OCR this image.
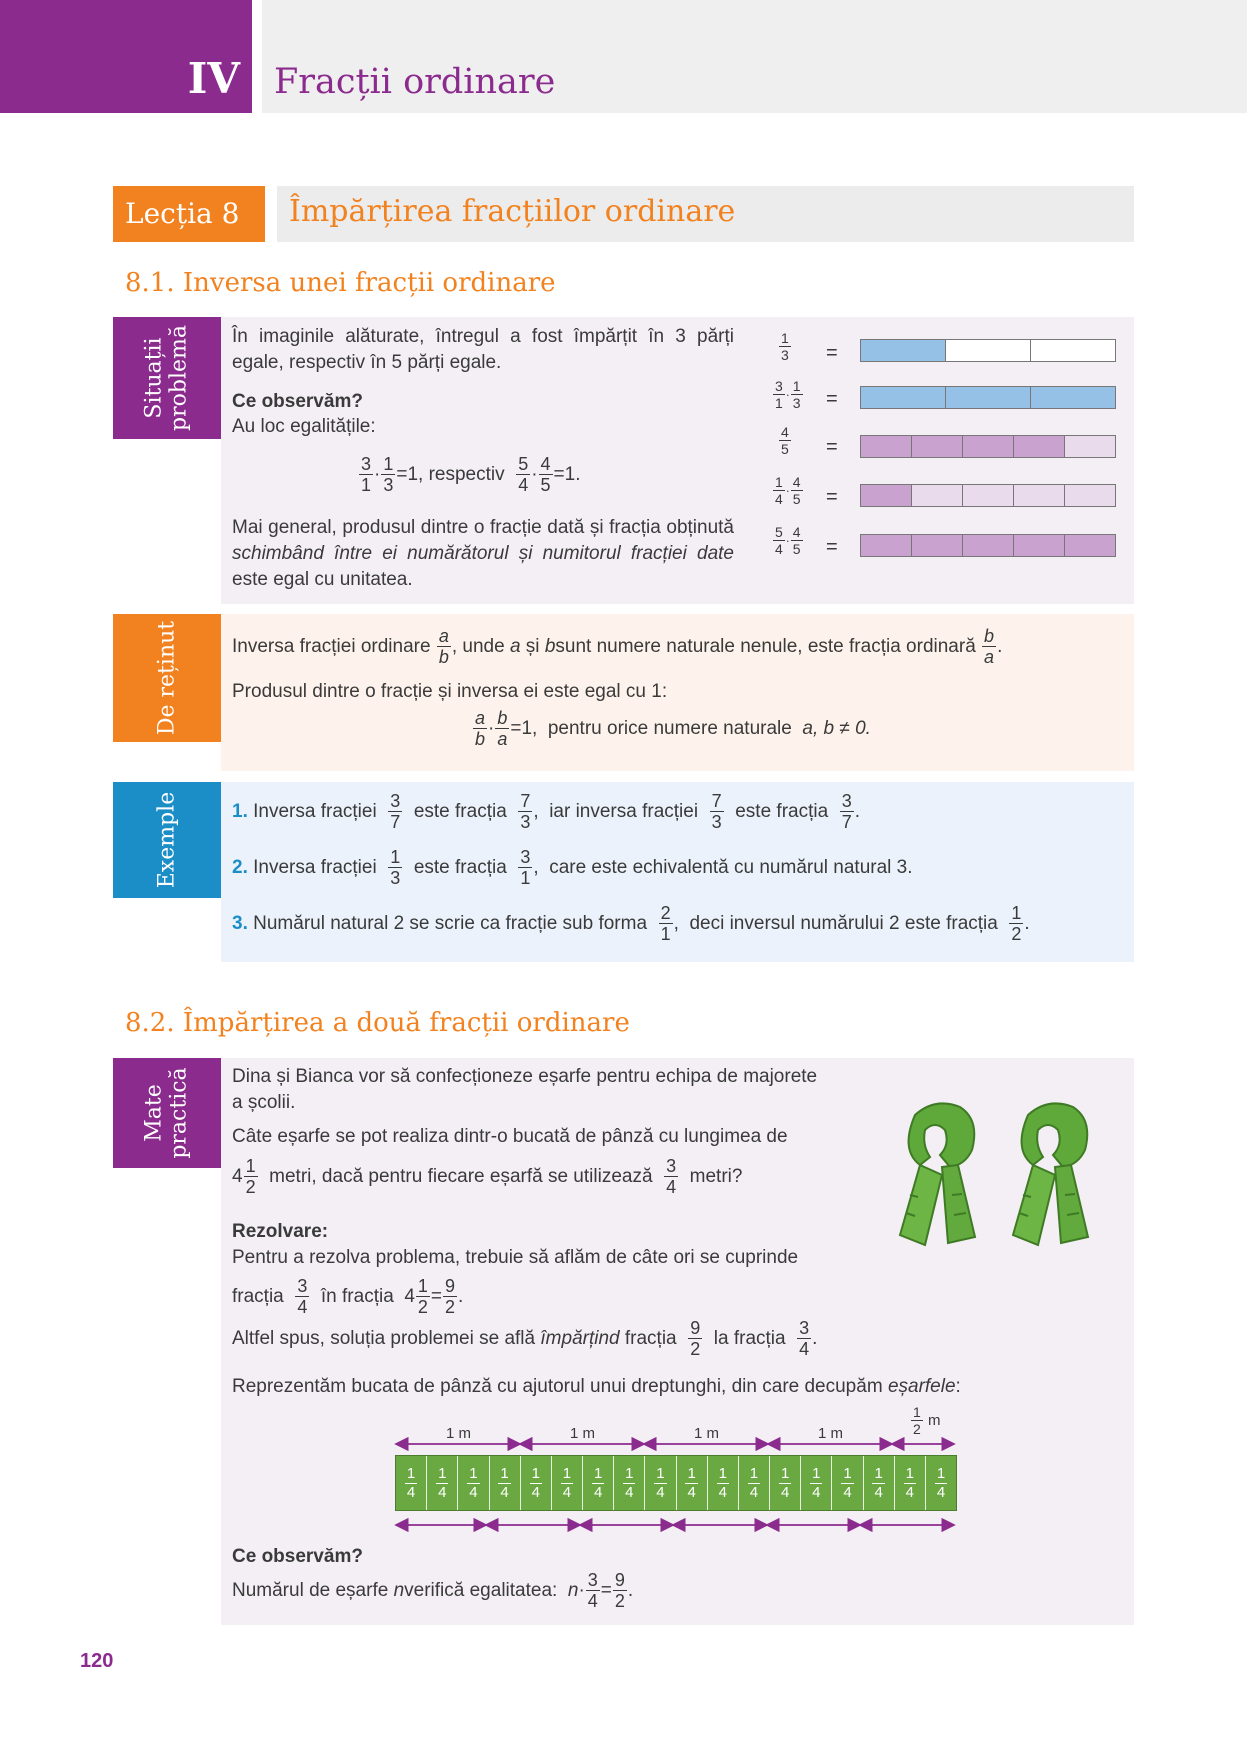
IV Fracții ordinare
Lecția 8	Împărțirea fracțiilor ordinare
8.1. Inversa unei fracții ordinare
Situații
problemă În imaginile alăturate, întregul a fost împărțit în 3 părți egale, respectiv în 5 părți egale.
Ce observăm?
Au loc egalitățile:
3
1
· 1
3
=1 , respectiv
5
4
· 4
5
=1.
Mai general, produsul dintre o fracție dată și fracția obținută schimbând între ei numărătorul și numitorul fracției date este egal cu unitatea.
$\frac{1}{3}$ =
$\frac{3}{1} \cdot \frac{1}{3}$ =
$\frac{4}{5}$ =
$\frac{1}{4} \cdot \frac{4}{5}$ =
$\frac{5}{4} \cdot \frac{4}{5}$ =
De reținut	Inversa fracției ordinare
a
b
, unde
a și b sunt numere naturale nenule, este fracția ordinară
b
a
.
Produsul dintre o fracție și inversa ei este egal cu 1:
a
b
· b
a
=1, pentru orice numere naturale
a, b ≠ 0.
Exemple	1.
Inversa fracției
3
7

este fracția
7
3
, iar inversa fracției
7
3

este fracția
3
7
.
2.
Inversa fracției
1
3

este fracția
3
1
, care este echivalentă cu numărul natural 3.
3.
Numărul natural 2 se scrie ca fracție sub forma
2
1
, deci inversul numărului 2 este fracția
1
2
.
8.2. Împărțirea a două fracții ordinare
Mate
practică Dina și Bianca vor să confecționeze eșarfe pentru echipa de majorete a școlii.
Câte eșarfe se pot realiza dintr-o bucată de pânză cu lungimea de
4 1
2

metri, dacă pentru fiecare eșarfă se utilizează
3
4

metri?
Rezolvare:
Pentru a rezolva problema, trebuie să aflăm de câte ori se cuprinde
fracția
3
4

în fracția 4 1
2
= 9
2
.
Altfel spus, soluția problemei se află împărțind fracția
9
2

la fracția
3
4
.
Reprezentăm bucata de pânză cu ajutorul unui dreptunghi, din care decupăm eșarfele:
1 m	1 m	1 m	1 m
1
2
m
1
4
1
4
1
4
1
4
1
4
1
4
1
4
1
4
1
4
1
4
1
4
1
4
1
4
1
4
1
4
1
4
1
4
1
4
Ce observăm?
Numărul de eșarfe n verifică egalitatea:
n · 3
4
= 9
2
.
120
